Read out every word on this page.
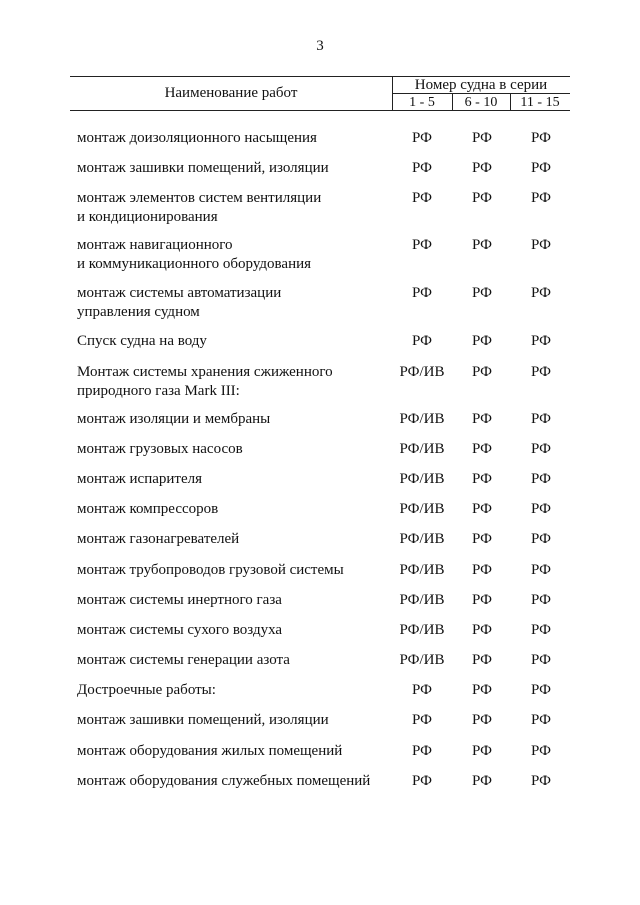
3
Наименование работ	Номер судна в серии
1 - 5	6 - 10	11 - 15
монтаж доизоляционного насыщения	РФ	РФ	РФ
монтаж зашивки помещений, изоляции	РФ	РФ	РФ
монтаж элементов систем вентиляции
и кондиционирования
РФ	РФ	РФ
монтаж навигационного
и коммуникационного оборудования
РФ	РФ	РФ
монтаж системы автоматизации
управления судном
РФ	РФ	РФ
Спуск судна на воду	РФ	РФ	РФ
Монтаж системы хранения сжиженного
природного газа Mark III:
РФ/ИВ	РФ	РФ
монтаж изоляции и мембраны	РФ/ИВ	РФ	РФ
монтаж грузовых насосов	РФ/ИВ	РФ	РФ
монтаж испарителя	РФ/ИВ	РФ	РФ
монтаж компрессоров	РФ/ИВ	РФ	РФ
монтаж газонагревателей	РФ/ИВ	РФ	РФ
монтаж трубопроводов грузовой системы	РФ/ИВ	РФ	РФ
монтаж системы инертного газа	РФ/ИВ	РФ	РФ
монтаж системы сухого воздуха	РФ/ИВ	РФ	РФ
монтаж системы генерации азота	РФ/ИВ	РФ	РФ
Достроечные работы:	РФ	РФ	РФ
монтаж зашивки помещений, изоляции	РФ	РФ	РФ
монтаж оборудования жилых помещений	РФ	РФ	РФ
монтаж оборудования служебных помещений	РФ	РФ	РФ
